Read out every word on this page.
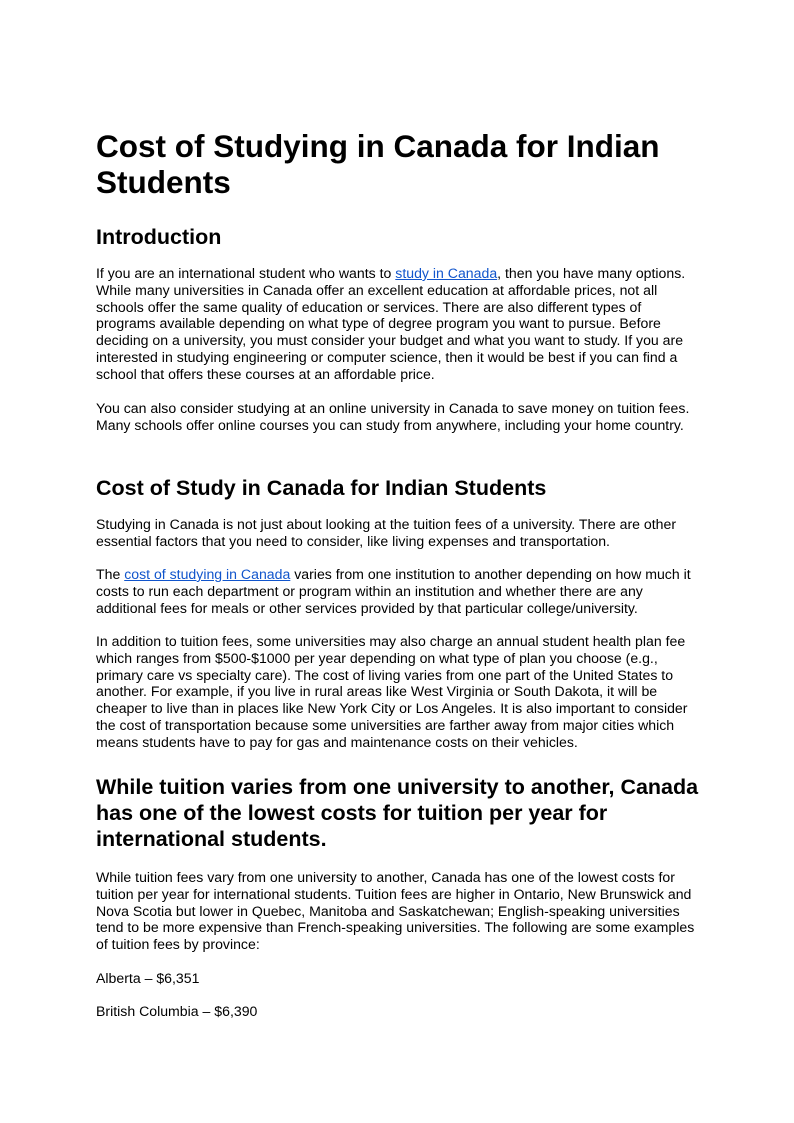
Cost of Studying in Canada for Indian Students
Introduction

If you are an international student who wants to study in Canada, then you have many options. While many universities in Canada offer an excellent education at affordable prices, not all schools offer the same quality of education or services. There are also different types of programs available depending on what type of degree program you want to pursue. Before deciding on a university, you must consider your budget and what you want to study. If you are interested in studying engineering or computer science, then it would be best if you can find a school that offers these courses at an affordable price.

You can also consider studying at an online university in Canada to save money on tuition fees. Many schools offer online courses you can study from anywhere, including your home country.

Cost of Study in Canada for Indian Students

Studying in Canada is not just about looking at the tuition fees of a university. There are other essential factors that you need to consider, like living expenses and transportation.

The cost of studying in Canada varies from one institution to another depending on how much it costs to run each department or program within an institution and whether there are any additional fees for meals or other services provided by that particular college/university.

In addition to tuition fees, some universities may also charge an annual student health plan fee which ranges from $500-$1000 per year depending on what type of plan you choose (e.g., primary care vs specialty care). The cost of living varies from one part of the United States to another. For example, if you live in rural areas like West Virginia or South Dakota, it will be cheaper to live than in places like New York City or Los Angeles. It is also important to consider the cost of transportation because some universities are farther away from major cities which means students have to pay for gas and maintenance costs on their vehicles.

While tuition varies from one university to another, Canada has one of the lowest costs for tuition per year for international students.

While tuition fees vary from one university to another, Canada has one of the lowest costs for tuition per year for international students. Tuition fees are higher in Ontario, New Brunswick and Nova Scotia but lower in Quebec, Manitoba and Saskatchewan; English-speaking universities tend to be more expensive than French-speaking universities. The following are some examples of tuition fees by province:

Alberta – $6,351

British Columbia – $6,390
